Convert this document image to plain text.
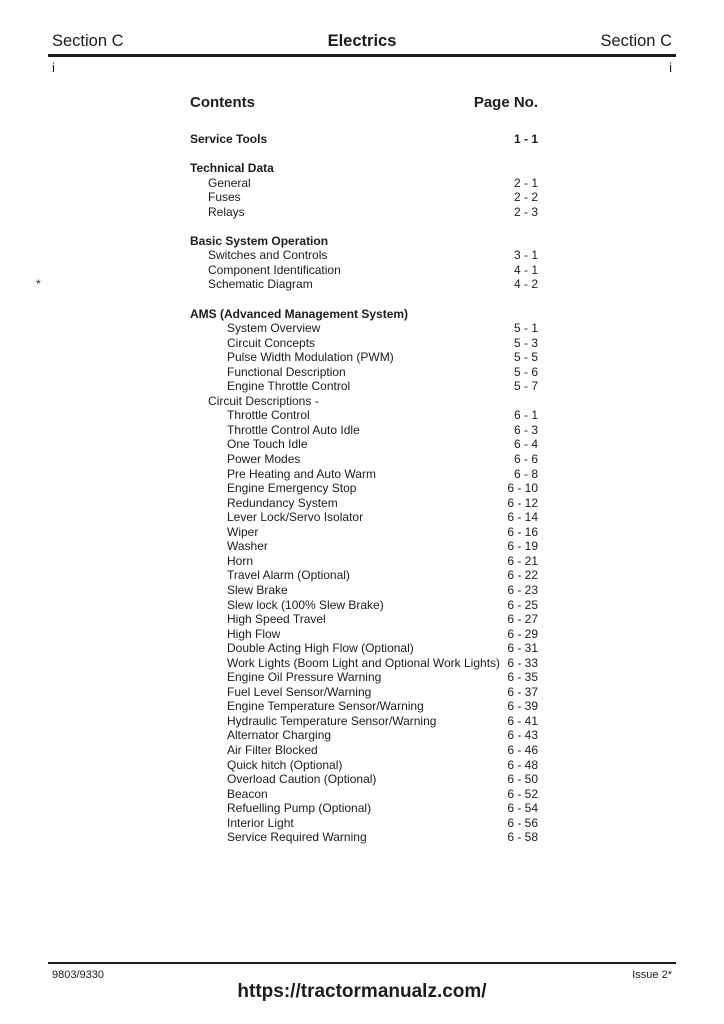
Section C	Electrics	Section C
i	i
*
Contents	Page No.
Service Tools	1 - 1
Technical Data
General	2 - 1
Fuses	2 - 2
Relays	2 - 3
Basic System Operation
Switches and Controls	3 - 1
Component Identification	4 - 1
Schematic Diagram	4 - 2
AMS (Advanced Management System)
System Overview	5 - 1
Circuit Concepts	5 - 3
Pulse Width Modulation (PWM)	5 - 5
Functional Description	5 - 6
Engine Throttle Control	5 - 7
Circuit Descriptions -
Throttle Control	6 - 1
Throttle Control Auto Idle	6 - 3
One Touch Idle	6 - 4
Power Modes	6 - 6
Pre Heating and Auto Warm	6 - 8
Engine Emergency Stop	6 - 10
Redundancy System	6 - 12
Lever Lock/Servo Isolator	6 - 14
Wiper	6 - 16
Washer	6 - 19
Horn	6 - 21
Travel Alarm (Optional)	6 - 22
Slew Brake	6 - 23
Slew lock (100% Slew Brake)	6 - 25
High Speed Travel	6 - 27
High Flow	6 - 29
Double Acting High Flow (Optional)	6 - 31
Work Lights (Boom Light and Optional Work Lights) 6 - 33
Engine Oil Pressure Warning	6 - 35
Fuel Level Sensor/Warning	6 - 37
Engine Temperature Sensor/Warning	6 - 39
Hydraulic Temperature Sensor/Warning	6 - 41
Alternator Charging	6 - 43
Air Filter Blocked	6 - 46
Quick hitch (Optional)	6 - 48
Overload Caution (Optional)	6 - 50
Beacon	6 - 52
Refuelling Pump (Optional)	6 - 54
Interior Light	6 - 56
Service Required Warning	6 - 58
9803/9330	Issue 2*
https://tractormanualz.com/
